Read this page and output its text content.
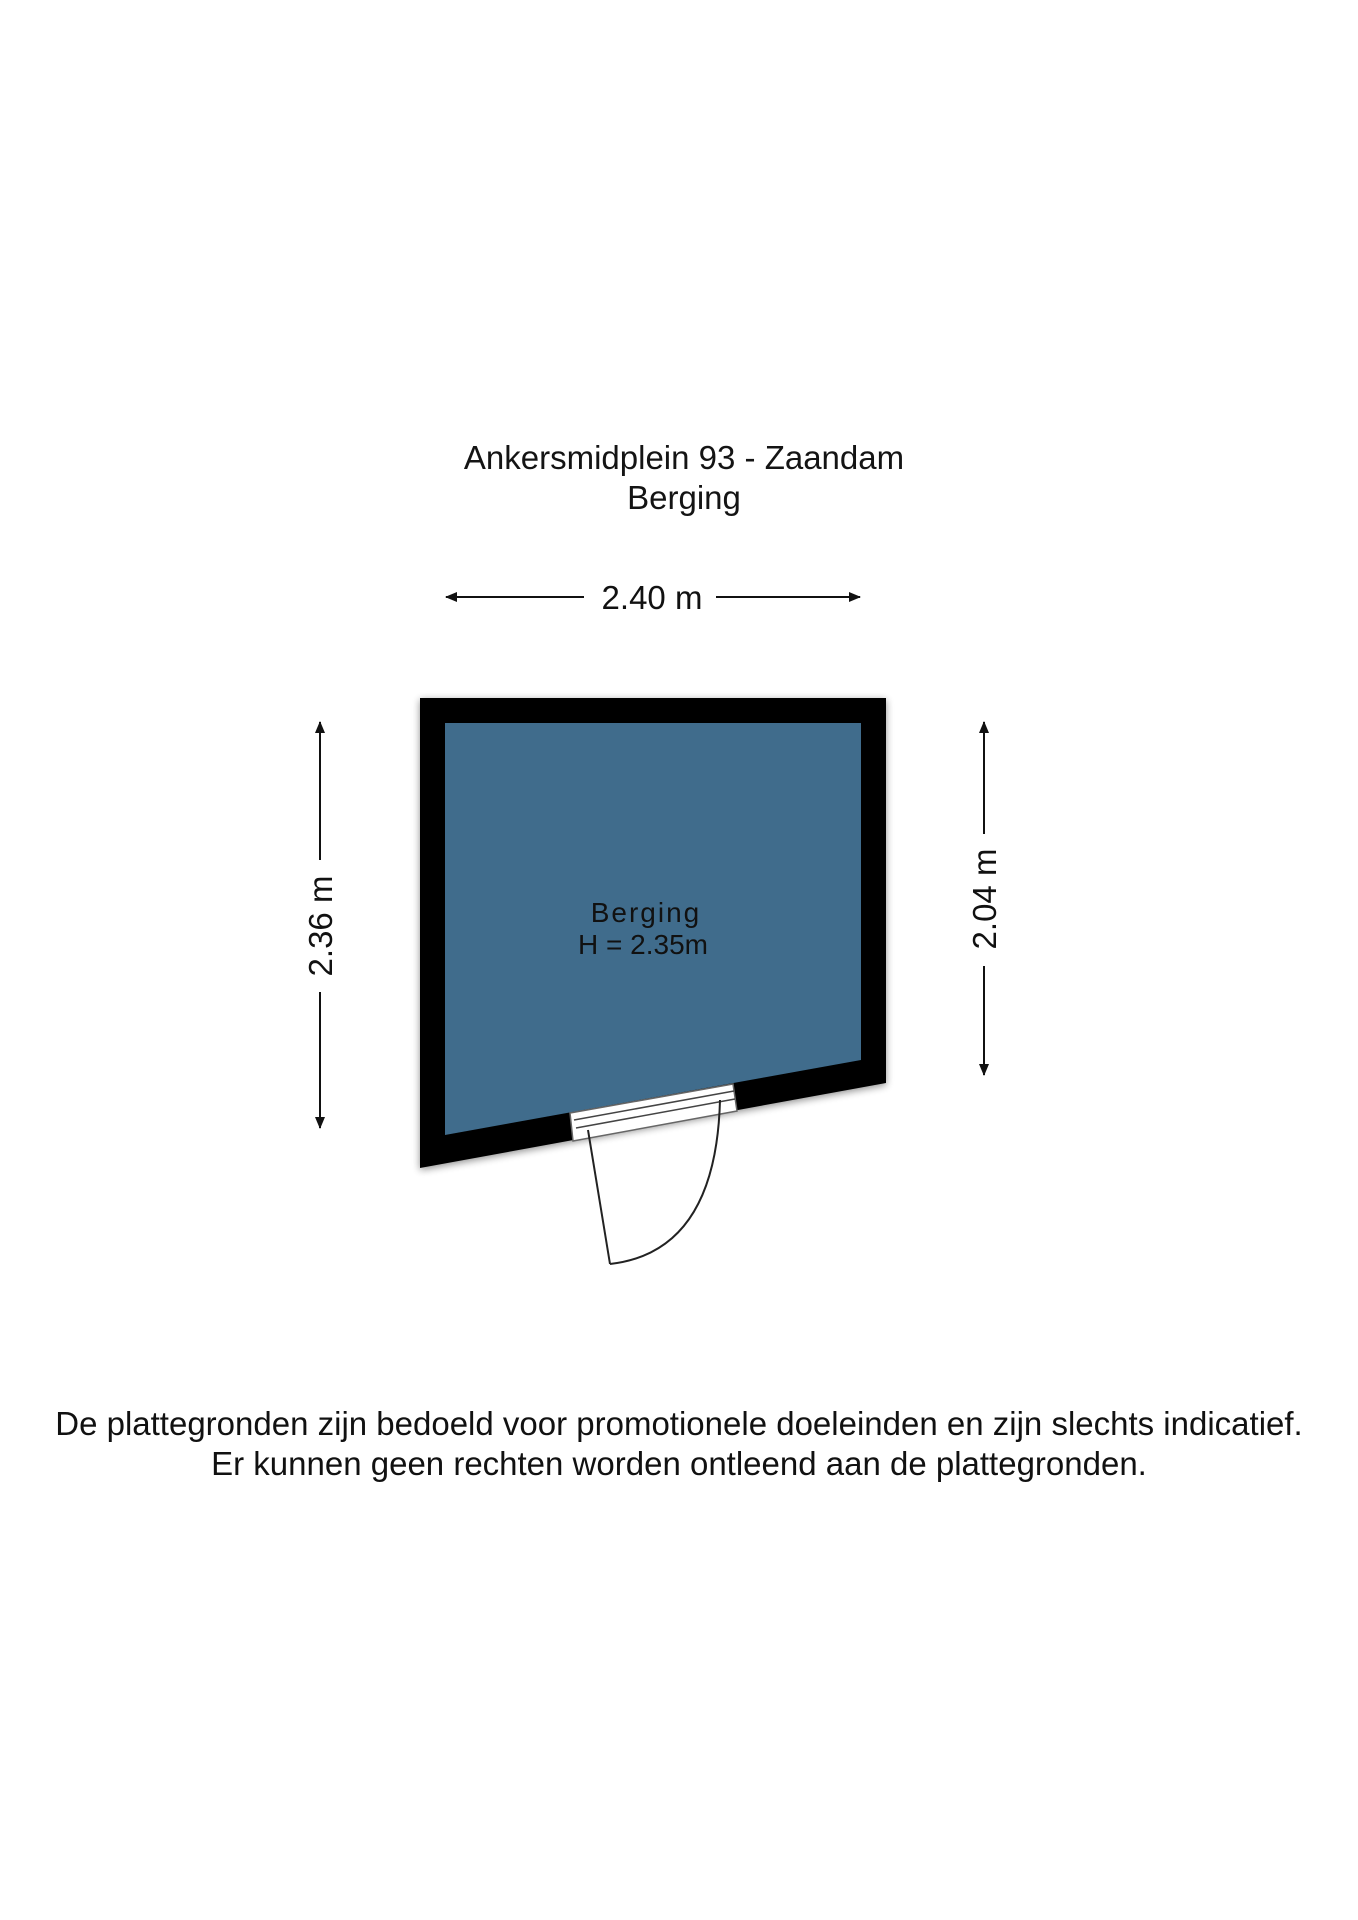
Ankersmidplein 93 - Zaandam
Berging
2.40 m
2.36 m	2.04 m
Berging
H = 2.35m
De plattegronden zijn bedoeld voor promotionele doeleinden en zijn slechts indicatief.
Er kunnen geen rechten worden ontleend aan de plattegronden.
